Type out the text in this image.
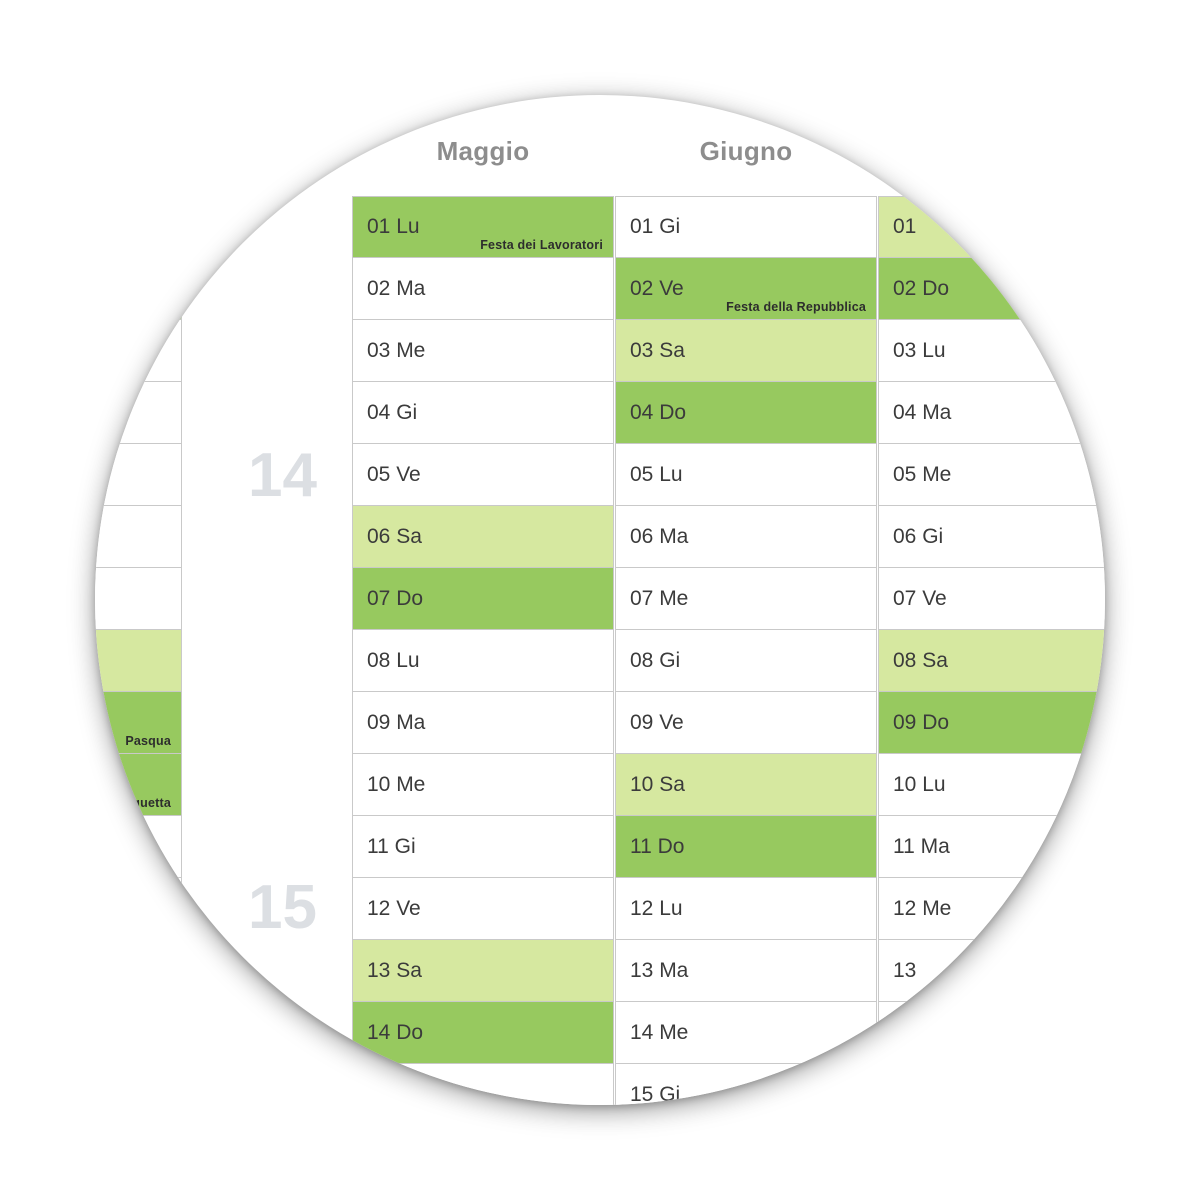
14
15
Pasqua
Pasquetta
Maggio
01 Lu
Festa dei Lavoratori
02 Ma
03 Me
04 Gi
05 Ve
06 Sa
07 Do
08 Lu
09 Ma
10 Me
11 Gi
12 Ve
13 Sa
14 Do
15 Lu
Giugno
01 Gi
02 Ve
Festa della Repubblica
03 Sa
04 Do
05 Lu
06 Ma
07 Me
08 Gi
09 Ve
10 Sa
11 Do
12 Lu
13 Ma
14 Me
15 Gi
01
02 Do
03 Lu
04 Ma
05 Me
06 Gi
07 Ve
08 Sa
09 Do
10 Lu
11 Ma
12 Me
13
